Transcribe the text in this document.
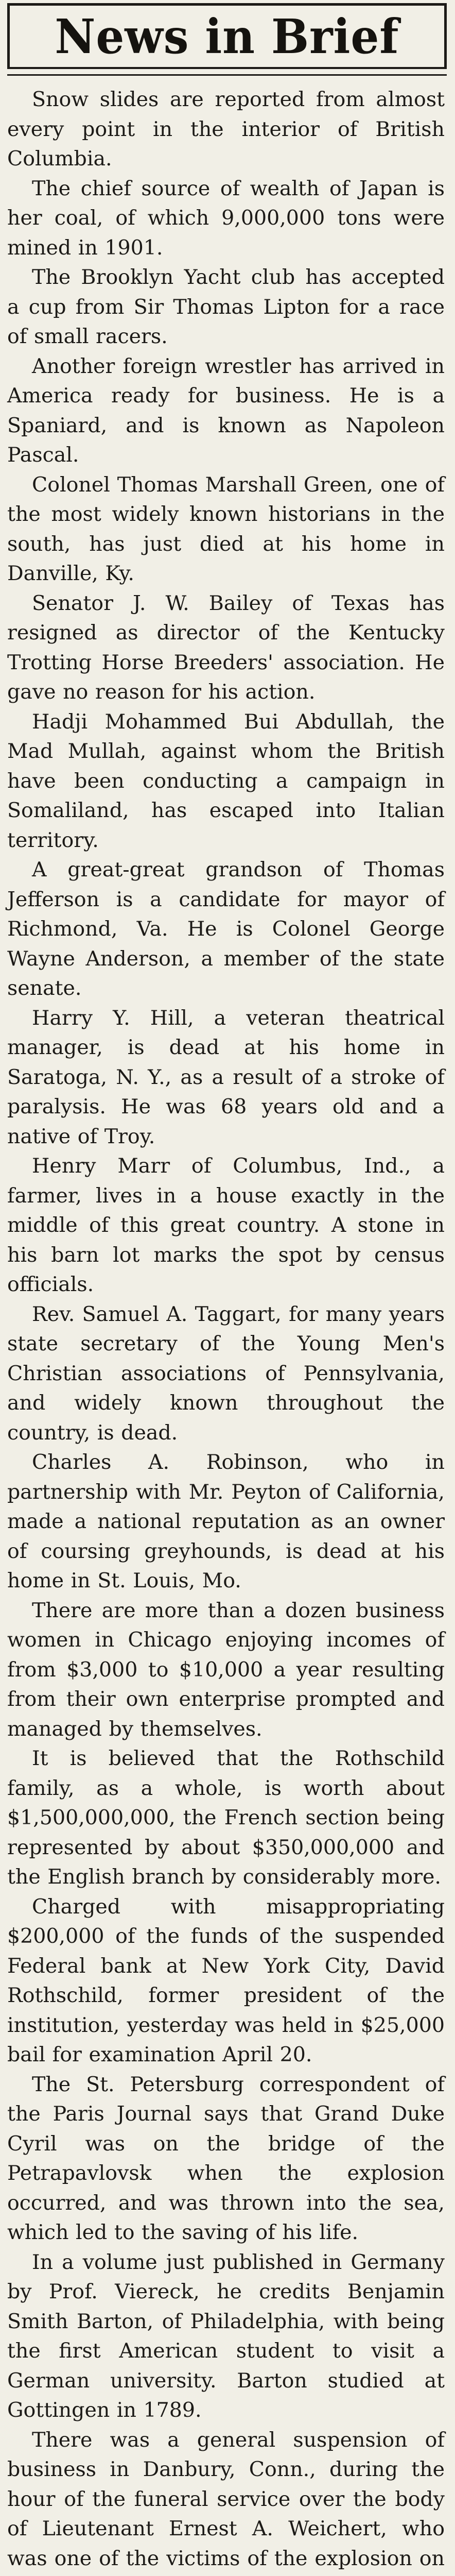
News in Brief

Snow slides are reported from almost every point in the interior of British Columbia.

The chief source of wealth of Japan is her coal, of which 9,000,000 tons were mined in 1901.

The Brooklyn Yacht club has accepted a cup from Sir Thomas Lipton for a race of small racers.

Another foreign wrestler has arrived in America ready for business. He is a Spaniard, and is known as Napoleon Pascal.

Colonel Thomas Marshall Green, one of the most widely known historians in the south, has just died at his home in Danville, Ky.

Senator J. W. Bailey of Texas has resigned as director of the Kentucky Trotting Horse Breeders' association. He gave no reason for his action.

Hadji Mohammed Bui Abdullah, the Mad Mullah, against whom the British have been conducting a campaign in Somaliland, has escaped into Italian territory.

A great-great grandson of Thomas Jefferson is a candidate for mayor of Richmond, Va. He is Colonel George Wayne Anderson, a member of the state senate.

Harry Y. Hill, a veteran theatrical manager, is dead at his home in Saratoga, N. Y., as a result of a stroke of paralysis. He was 68 years old and a native of Troy.

Henry Marr of Columbus, Ind., a farmer, lives in a house exactly in the middle of this great country. A stone in his barn lot marks the spot by census officials.

Rev. Samuel A. Taggart, for many years state secretary of the Young Men's Christian associations of Pennsylvania, and widely known throughout the country, is dead.

Charles A. Robinson, who in partnership with Mr. Peyton of California, made a national reputation as an owner of coursing greyhounds, is dead at his home in St. Louis, Mo.

There are more than a dozen business women in Chicago enjoying incomes of from $3,000 to $10,000 a year resulting from their own enterprise prompted and managed by themselves.

It is believed that the Rothschild family, as a whole, is worth about $1,500,000,000, the French section being represented by about $350,000,000 and the English branch by considerably more.

Charged with misappropriating $200,000 of the funds of the suspended Federal bank at New York City, David Rothschild, former president of the institution, yesterday was held in $25,000 bail for examination April 20.

The St. Petersburg correspondent of the Paris Journal says that Grand Duke Cyril was on the bridge of the Petrapavlovsk when the explosion occurred, and was thrown into the sea, which led to the saving of his life.

In a volume just published in Germany by Prof. Viereck, he credits Benjamin Smith Barton, of Philadelphia, with being the first American student to visit a German university. Barton studied at Gottingen in 1789.

There was a general suspension of business in Danbury, Conn., during the hour of the funeral service over the body of Lieutenant Ernest A. Weichert, who was one of the victims of the explosion on
